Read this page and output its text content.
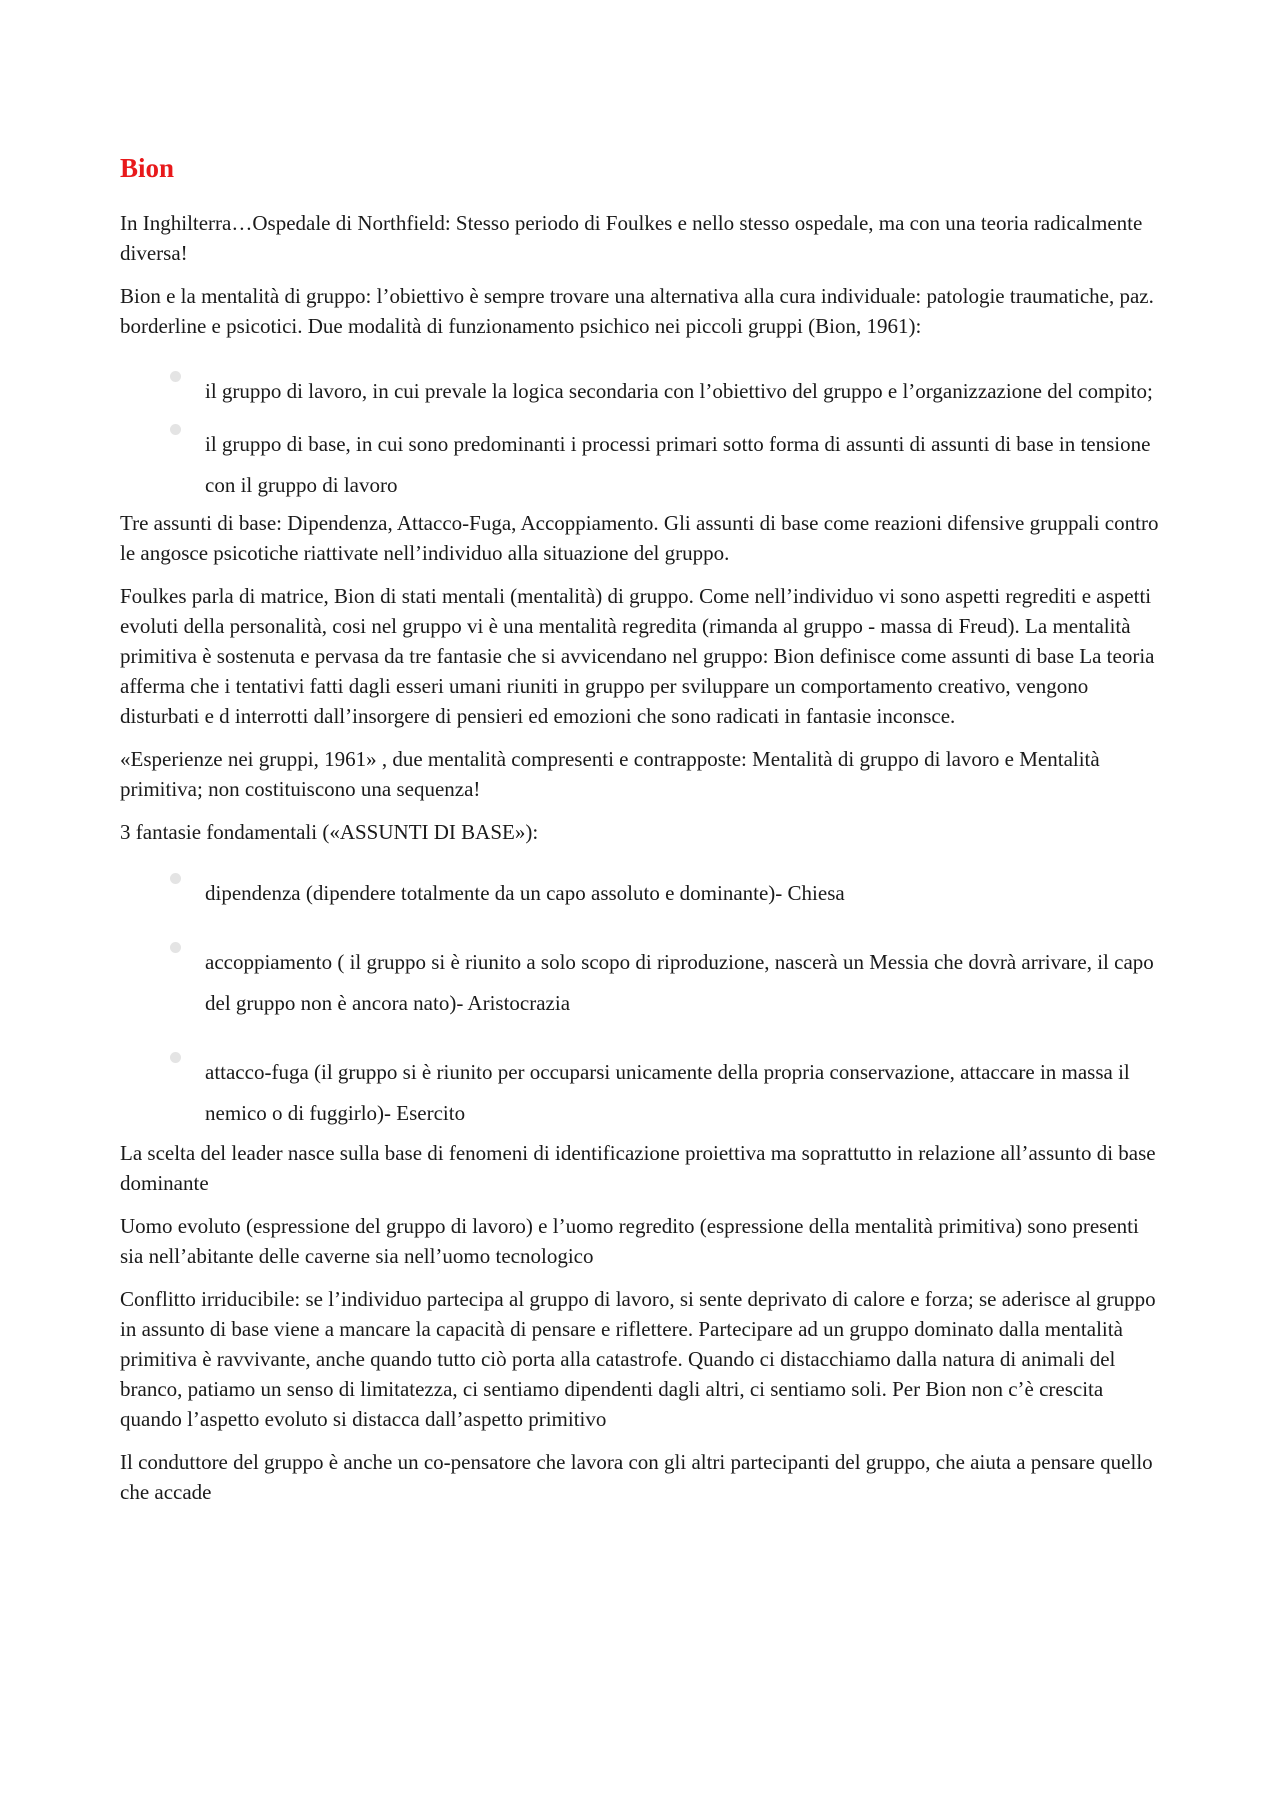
Bion

In Inghilterra…Ospedale di Northfield: Stesso periodo di Foulkes e nello stesso ospedale, ma con una teoria radicalmente diversa!

Bion e la mentalità di gruppo: l’obiettivo è sempre trovare una alternativa alla cura individuale: patologie traumatiche, paz. borderline e psicotici. Due modalità di funzionamento psichico nei piccoli gruppi (Bion, 1961):

il gruppo di lavoro, in cui prevale la logica secondaria con l’obiettivo del gruppo e l’organizzazione del compito;
il gruppo di base, in cui sono predominanti i processi primari sotto forma di assunti di assunti di base in tensione con il gruppo di lavoro

Tre assunti di base: Dipendenza, Attacco-Fuga, Accoppiamento. Gli assunti di base come reazioni difensive gruppali contro le angosce psicotiche riattivate nell’individuo alla situazione del gruppo.

Foulkes parla di matrice, Bion di stati mentali (mentalità) di gruppo. Come nell’individuo vi sono aspetti regrediti e aspetti evoluti della personalità, cosi nel gruppo vi è una mentalità regredita (rimanda al gruppo - massa di Freud). La mentalità primitiva è sostenuta e pervasa da tre fantasie che si avvicendano nel gruppo: Bion definisce come assunti di base La teoria afferma che i tentativi fatti dagli esseri umani riuniti in gruppo per sviluppare un comportamento creativo, vengono disturbati e d interrotti dall’insorgere di pensieri ed emozioni che sono radicati in fantasie inconsce.

«Esperienze nei gruppi, 1961» , due mentalità compresenti e contrapposte: Mentalità di gruppo di lavoro e Mentalità primitiva; non costituiscono una sequenza!

3 fantasie fondamentali («ASSUNTI DI BASE»):

dipendenza (dipendere totalmente da un capo assoluto e dominante)- Chiesa
accoppiamento ( il gruppo si è riunito a solo scopo di riproduzione, nascerà un Messia che dovrà arrivare, il capo del gruppo non è ancora nato)- Aristocrazia
attacco-fuga (il gruppo si è riunito per occuparsi unicamente della propria conservazione, attaccare in massa il nemico o di fuggirlo)- Esercito

La scelta del leader nasce sulla base di fenomeni di identificazione proiettiva ma soprattutto in relazione all’assunto di base dominante

Uomo evoluto (espressione del gruppo di lavoro) e l’uomo regredito (espressione della mentalità primitiva) sono presenti sia nell’abitante delle caverne sia nell’uomo tecnologico

Conflitto irriducibile: se l’individuo partecipa al gruppo di lavoro, si sente deprivato di calore e forza; se aderisce al gruppo in assunto di base viene a mancare la capacità di pensare e riflettere. Partecipare ad un gruppo dominato dalla mentalità primitiva è ravvivante, anche quando tutto ciò porta alla catastrofe. Quando ci distacchiamo dalla natura di animali del branco, patiamo un senso di limitatezza, ci sentiamo dipendenti dagli altri, ci sentiamo soli. Per Bion non c’è crescita quando l’aspetto evoluto si distacca dall’aspetto primitivo

Il conduttore del gruppo è anche un co-pensatore che lavora con gli altri partecipanti del gruppo, che aiuta a pensare quello che accade
